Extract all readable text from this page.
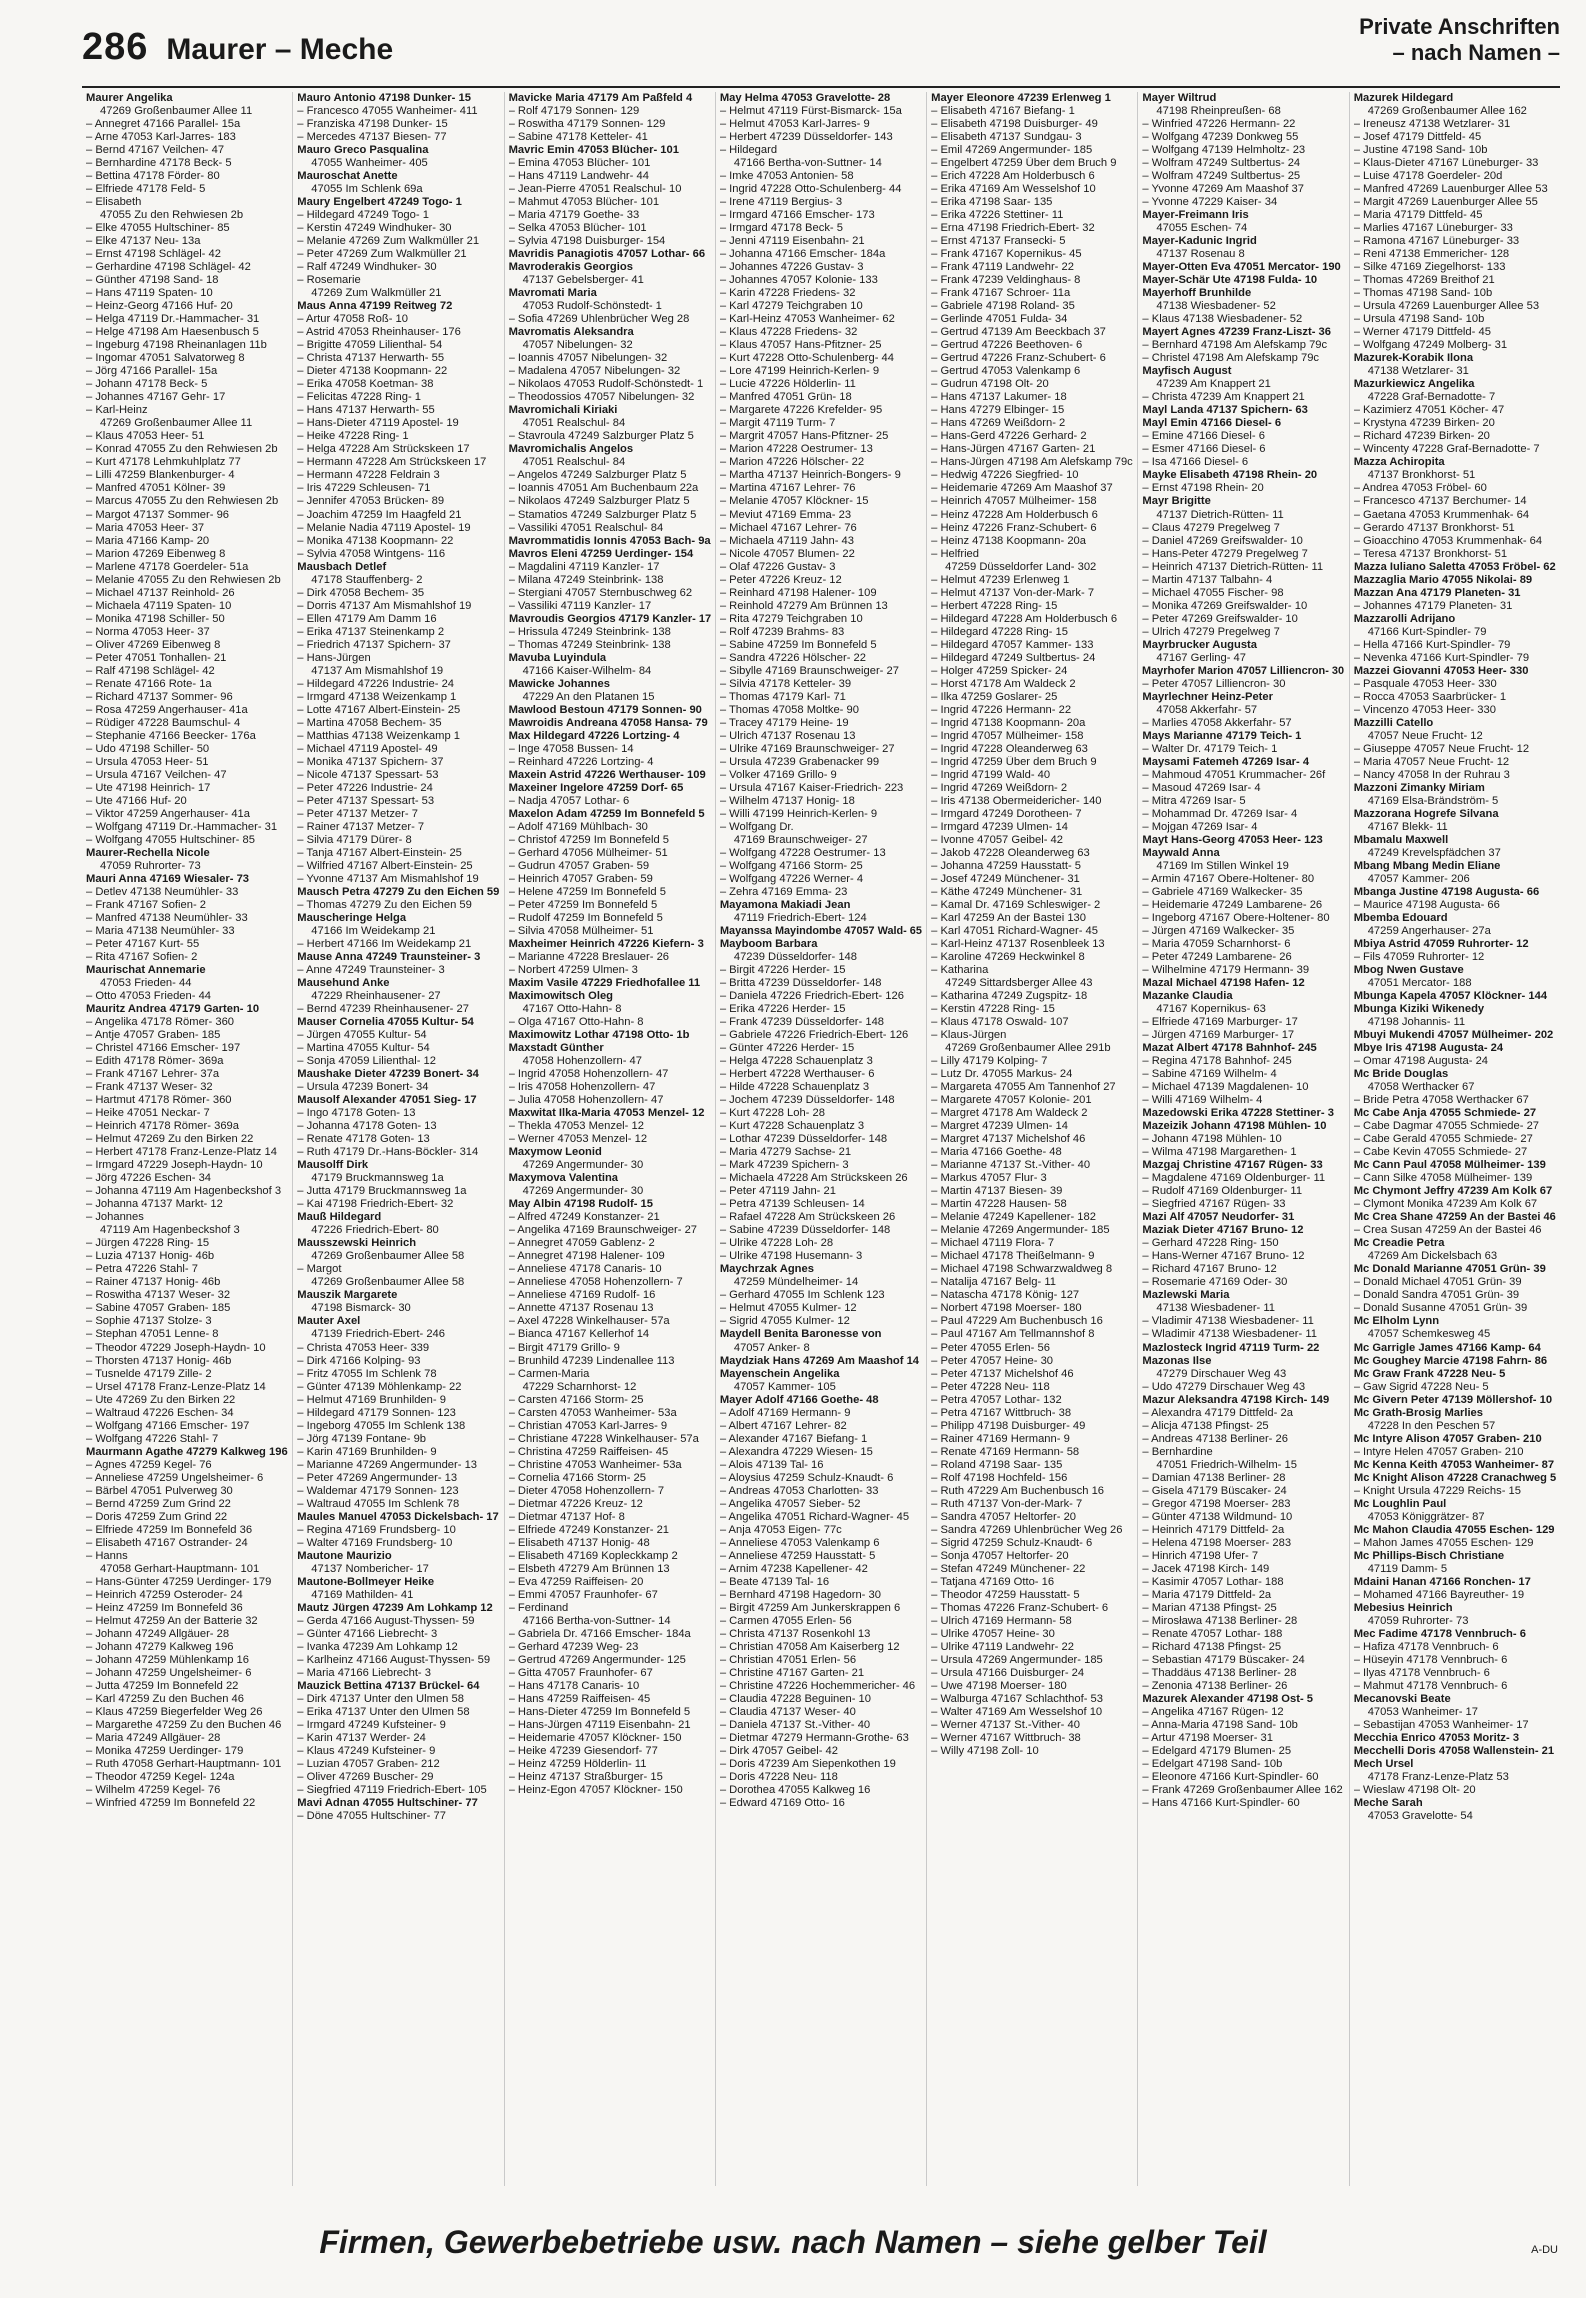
286 Maurer – Meche
Private Anschriften
– nach Namen –
Maurer Angelika
47269 Großenbaumer Allee 11
– Annegret 47166 Parallel- 15a
– Arne 47053 Karl-Jarres- 183
– Bernd 47167 Veilchen- 47
– Bernhardine 47178 Beck- 5
– Bettina 47178 Förder- 80
– Elfriede 47178 Feld- 5
– Elisabeth
47055 Zu den Rehwiesen 2b
– Elke 47055 Hultschiner- 85
– Elke 47137 Neu- 13a
– Ernst 47198 Schlägel- 42
– Gerhardine 47198 Schlägel- 42
– Günther 47198 Sand- 18
– Hans 47119 Spaten- 10
– Heinz-Georg 47166 Huf- 20
– Helga 47119 Dr.-Hammacher- 31
– Helge 47198 Am Haesenbusch 5
– Ingeburg 47198 Rheinanlagen 11b
– Ingomar 47051 Salvatorweg 8
– Jörg 47166 Parallel- 15a
– Johann 47178 Beck- 5
– Johannes 47167 Gehr- 17
– Karl-Heinz
47269 Großenbaumer Allee 11
– Klaus 47053 Heer- 51
– Konrad 47055 Zu den Rehwiesen 2b
– Kurt 47178 Lehmkuhlplatz 77
– Lilli 47259 Blankenburger- 4
– Manfred 47051 Kölner- 39
– Marcus 47055 Zu den Rehwiesen 2b
– Margot 47137 Sommer- 96
– Maria 47053 Heer- 37
– Maria 47166 Kamp- 20
– Marion 47269 Eibenweg 8
– Marlene 47178 Goerdeler- 51a
– Melanie 47055 Zu den Rehwiesen 2b
– Michael 47137 Reinhold- 26
– Michaela 47119 Spaten- 10
– Monika 47198 Schiller- 50
– Norma 47053 Heer- 37
– Oliver 47269 Eibenweg 8
– Peter 47051 Tonhallen- 21
– Ralf 47198 Schlägel- 42
– Renate 47166 Rote- 1a
– Richard 47137 Sommer- 96
– Rosa 47259 Angerhauser- 41a
– Rüdiger 47228 Baumschul- 4
– Stephanie 47166 Beecker- 176a
– Udo 47198 Schiller- 50
– Ursula 47053 Heer- 51
– Ursula 47167 Veilchen- 47
– Ute 47198 Heinrich- 17
– Ute 47166 Huf- 20
– Viktor 47259 Angerhauser- 41a
– Wolfgang 47119 Dr.-Hammacher- 31
– Wolfgang 47055 Hultschiner- 85
Maurer-Rechella Nicole
47059 Ruhrorter- 73
Mauri Anna 47169 Wiesaler- 73
– Detlev 47138 Neumühler- 33
– Frank 47167 Sofien- 2
– Manfred 47138 Neumühler- 33
– Maria 47138 Neumühler- 33
– Peter 47167 Kurt- 55
– Rita 47167 Sofien- 2
Maurischat Annemarie
47053 Frieden- 44
– Otto 47053 Frieden- 44
Mauritz Andrea 47179 Garten- 10
– Angelika 47178 Römer- 360
– Antje 47057 Graben- 185
– Christel 47166 Emscher- 197
– Edith 47178 Römer- 369a
– Frank 47167 Lehrer- 37a
– Frank 47137 Weser- 32
– Hartmut 47178 Römer- 360
– Heike 47051 Neckar- 7
– Heinrich 47178 Römer- 369a
– Helmut 47269 Zu den Birken 22
– Herbert 47178 Franz-Lenze-Platz 14
– Irmgard 47229 Joseph-Haydn- 10
– Jörg 47226 Eschen- 34
– Johanna 47119 Am Hagenbeckshof 3
– Johanna 47137 Markt- 12
– Johannes
47119 Am Hagenbeckshof 3
– Jürgen 47228 Ring- 15
– Luzia 47137 Honig- 46b
– Petra 47226 Stahl- 7
– Rainer 47137 Honig- 46b
– Roswitha 47137 Weser- 32
– Sabine 47057 Graben- 185
– Sophie 47137 Stolze- 3
– Stephan 47051 Lenne- 8
– Theodor 47229 Joseph-Haydn- 10
– Thorsten 47137 Honig- 46b
– Tusnelde 47179 Zille- 2
– Ursel 47178 Franz-Lenze-Platz 14
– Ute 47269 Zu den Birken 22
– Waltraud 47226 Eschen- 34
– Wolfgang 47166 Emscher- 197
– Wolfgang 47226 Stahl- 7
Maurmann Agathe 47279 Kalkweg 196
– Agnes 47259 Kegel- 76
– Anneliese 47259 Ungelsheimer- 6
– Bärbel 47051 Pulverweg 30
– Bernd 47259 Zum Grind 22
– Doris 47259 Zum Grind 22
– Elfriede 47259 Im Bonnefeld 36
– Elisabeth 47167 Ostrander- 24
– Hanns
47058 Gerhart-Hauptmann- 101
– Hans-Günter 47259 Uerdinger- 179
– Heinrich 47259 Osteroder- 24
– Heinz 47259 Im Bonnefeld 36
– Helmut 47259 An der Batterie 32
– Johann 47249 Allgäuer- 28
– Johann 47279 Kalkweg 196
– Johann 47259 Mühlenkamp 16
– Johann 47259 Ungelsheimer- 6
– Jutta 47259 Im Bonnefeld 22
– Karl 47259 Zu den Buchen 46
– Klaus 47259 Biegerfelder Weg 26
– Margarethe 47259 Zu den Buchen 46
– Maria 47249 Allgäuer- 28
– Monika 47259 Uerdinger- 179
– Ruth 47058 Gerhart-Hauptmann- 101
– Theodor 47259 Kegel- 124a
– Wilhelm 47259 Kegel- 76
– Winfried 47259 Im Bonnefeld 22
Mauro Antonio 47198 Dunker- 15
– Francesco 47055 Wanheimer- 411
– Franziska 47198 Dunker- 15
– Mercedes 47137 Biesen- 77
Mauro Greco Pasqualina
47055 Wanheimer- 405
Mauroschat Anette
47055 Im Schlenk 69a
Maury Engelbert 47249 Togo- 1
– Hildegard 47249 Togo- 1
– Kerstin 47249 Windhuker- 30
– Melanie 47269 Zum Walkmüller 21
– Peter 47269 Zum Walkmüller 21
– Ralf 47249 Windhuker- 30
– Rosemarie
47269 Zum Walkmüller 21
Maus Anna 47199 Reitweg 72
– Artur 47058 Roß- 10
– Astrid 47053 Rheinhauser- 176
– Brigitte 47059 Lilienthal- 54
– Christa 47137 Herwarth- 55
– Dieter 47138 Koopmann- 22
– Erika 47058 Koetman- 38
– Felicitas 47228 Ring- 1
– Hans 47137 Herwarth- 55
– Hans-Dieter 47119 Apostel- 19
– Heike 47228 Ring- 1
– Helga 47228 Am Strückskeen 17
– Hermann 47228 Am Strückskeen 17
– Hermann 47228 Feldrain 3
– Iris 47229 Schleusen- 71
– Jennifer 47053 Brücken- 89
– Joachim 47259 Im Haagfeld 21
– Melanie Nadia 47119 Apostel- 19
– Monika 47138 Koopmann- 22
– Sylvia 47058 Wintgens- 116
Mausbach Detlef
47178 Stauffenberg- 2
– Dirk 47058 Bechem- 35
– Dorris 47137 Am Mismahlshof 19
– Ellen 47179 Am Damm 16
– Erika 47137 Steinenkamp 2
– Friedrich 47137 Spichern- 37
– Hans-Jürgen
47137 Am Mismahlshof 19
– Hildegard 47226 Industrie- 24
– Irmgard 47138 Weizenkamp 1
– Lotte 47167 Albert-Einstein- 25
– Martina 47058 Bechem- 35
– Matthias 47138 Weizenkamp 1
– Michael 47119 Apostel- 49
– Monika 47137 Spichern- 37
– Nicole 47137 Spessart- 53
– Peter 47226 Industrie- 24
– Peter 47137 Spessart- 53
– Peter 47137 Metzer- 7
– Rainer 47137 Metzer- 7
– Silvia 47179 Dürer- 8
– Tanja 47167 Albert-Einstein- 25
– Wilfried 47167 Albert-Einstein- 25
– Yvonne 47137 Am Mismahlshof 19
Mausch Petra 47279 Zu den Eichen 59
– Thomas 47279 Zu den Eichen 59
Mauscheringe Helga
47166 Im Weidekamp 21
– Herbert 47166 Im Weidekamp 21
Mause Anna 47249 Traunsteiner- 3
– Anne 47249 Traunsteiner- 3
Mausehund Anke
47229 Rheinhausener- 27
– Bernd 47239 Rheinhausener- 27
Mauser Cornelia 47055 Kultur- 54
– Jürgen 47055 Kultur- 54
– Martina 47055 Kultur- 54
– Sonja 47059 Lilienthal- 12
Maushake Dieter 47239 Bonert- 34
– Ursula 47239 Bonert- 34
Mausolf Alexander 47051 Sieg- 17
– Ingo 47178 Goten- 13
– Johanna 47178 Goten- 13
– Renate 47178 Goten- 13
– Ruth 47179 Dr.-Hans-Böckler- 314
Mausolff Dirk
47179 Bruckmannsweg 1a
– Jutta 47179 Bruckmannsweg 1a
– Kai 47198 Friedrich-Ebert- 32
Mauß Hildegard
47226 Friedrich-Ebert- 80
Mausszewski Heinrich
47269 Großenbaumer Allee 58
– Margot
47269 Großenbaumer Allee 58
Mauszik Margarete
47198 Bismarck- 30
Mauter Axel
47139 Friedrich-Ebert- 246
– Christa 47053 Heer- 339
– Dirk 47166 Kolping- 93
– Fritz 47055 Im Schlenk 78
– Günter 47139 Möhlenkamp- 22
– Helmut 47169 Brunhilden- 9
– Hildegard 47179 Sonnen- 123
– Ingeborg 47055 Im Schlenk 138
– Jörg 47139 Fontane- 9b
– Karin 47169 Brunhilden- 9
– Marianne 47269 Angermunder- 13
– Peter 47269 Angermunder- 13
– Waldemar 47179 Sonnen- 123
– Waltraud 47055 Im Schlenk 78
Maules Manuel 47053 Dickelsbach- 17
– Regina 47169 Frundsberg- 10
– Walter 47169 Frundsberg- 10
Mautone Maurizio
47137 Nombericher- 17
Mautone-Bollmeyer Heike
47169 Mathilden- 41
Mautz Jürgen 47239 Am Lohkamp 12
– Gerda 47166 August-Thyssen- 59
– Günter 47166 Liebrecht- 3
– Ivanka 47239 Am Lohkamp 12
– Karlheinz 47166 August-Thyssen- 59
– Maria 47166 Liebrecht- 3
Mauzick Bettina 47137 Brückel- 64
– Dirk 47137 Unter den Ulmen 58
– Erika 47137 Unter den Ulmen 58
– Irmgard 47249 Kufsteiner- 9
– Karin 47137 Werder- 24
– Klaus 47249 Kufsteiner- 9
– Luzian 47057 Graben- 212
– Oliver 47269 Buscher- 29
– Siegfried 47119 Friedrich-Ebert- 105
Mavi Adnan 47055 Hultschiner- 77
– Döne 47055 Hultschiner- 77
Mavicke Maria 47179 Am Paßfeld 4
– Rolf 47179 Sonnen- 129
– Roswitha 47179 Sonnen- 129
– Sabine 47178 Ketteler- 41
Mavric Emin 47053 Blücher- 101
– Emina 47053 Blücher- 101
– Hans 47119 Landwehr- 44
– Jean-Pierre 47051 Realschul- 10
– Mahmut 47053 Blücher- 101
– Maria 47179 Goethe- 33
– Selka 47053 Blücher- 101
– Sylvia 47198 Duisburger- 154
Mavridis Panagiotis 47057 Lothar- 66
Mavroderakis Georgios
47137 Gebelsberger- 41
Mavromati Maria
47053 Rudolf-Schönstedt- 1
– Sofia 47269 Uhlenbrücher Weg 28
Mavromatis Aleksandra
47057 Nibelungen- 32
– Ioannis 47057 Nibelungen- 32
– Madalena 47057 Nibelungen- 32
– Nikolaos 47053 Rudolf-Schönstedt- 1
– Theodossios 47057 Nibelungen- 32
Mavromichali Kiriaki
47051 Realschul- 84
– Stavroula 47249 Salzburger Platz 5
Mavromichalis Angelos
47051 Realschul- 84
– Angelos 47249 Salzburger Platz 5
– Ioannis 47051 Am Buchenbaum 22a
– Nikolaos 47249 Salzburger Platz 5
– Stamatios 47249 Salzburger Platz 5
– Vassiliki 47051 Realschul- 84
Mavrommatidis Ionnis 47053 Bach- 9a
Mavros Eleni 47259 Uerdinger- 154
– Magdalini 47119 Kanzler- 17
– Milana 47249 Steinbrink- 138
– Stergiani 47057 Sternbuschweg 62
– Vassiliki 47119 Kanzler- 17
Mavroudis Georgios 47179 Kanzler- 17
– Hrissula 47249 Steinbrink- 138
– Thomas 47249 Steinbrink- 138
Mavuba Luyindula
47166 Kaiser-Wilhelm- 84
Mawicke Johannes
47229 An den Platanen 15
Mawlood Bestoun 47179 Sonnen- 90
Mawroidis Andreana 47058 Hansa- 79
Max Hildegard 47226 Lortzing- 4
– Inge 47058 Bussen- 14
– Reinhard 47226 Lortzing- 4
Maxein Astrid 47226 Werthauser- 109
Maxeiner Ingelore 47259 Dorf- 65
– Nadja 47057 Lothar- 6
Maxelon Adam 47259 Im Bonnefeld 5
– Adolf 47169 Mühlbach- 30
– Christof 47259 Im Bonnefeld 5
– Gerhard 47056 Mülheimer- 51
– Gudrun 47057 Graben- 59
– Heinrich 47057 Graben- 59
– Helene 47259 Im Bonnefeld 5
– Peter 47259 Im Bonnefeld 5
– Rudolf 47259 Im Bonnefeld 5
– Silvia 47058 Mülheimer- 51
Maxheimer Heinrich 47226 Kiefern- 3
– Marianne 47228 Breslauer- 26
– Norbert 47259 Ulmen- 3
Maxim Vasile 47229 Friedhofallee 11
Maximowitsch Oleg
47167 Otto-Hahn- 8
– Olga 47167 Otto-Hahn- 8
Maximowitz Lothar 47198 Otto- 1b
Maxstadt Günther
47058 Hohenzollern- 47
– Ingrid 47058 Hohenzollern- 47
– Iris 47058 Hohenzollern- 47
– Julia 47058 Hohenzollern- 47
Maxwitat Ilka-Maria 47053 Menzel- 12
– Thekla 47053 Menzel- 12
– Werner 47053 Menzel- 12
Maxymow Leonid
47269 Angermunder- 30
Maxymova Valentina
47269 Angermunder- 30
May Albin 47198 Rudolf- 15
– Alfred 47249 Konstanzer- 21
– Angelika 47169 Braunschweiger- 27
– Annegret 47059 Gablenz- 2
– Annegret 47198 Halener- 109
– Anneliese 47178 Canaris- 10
– Anneliese 47058 Hohenzollern- 7
– Anneliese 47169 Rudolf- 16
– Annette 47137 Rosenau 13
– Axel 47228 Winkelhauser- 57a
– Bianca 47167 Kellerhof 14
– Birgit 47179 Grillo- 9
– Brunhild 47239 Lindenallee 113
– Carmen-Maria
47229 Scharnhorst- 12
– Carsten 47166 Storm- 25
– Carsten 47053 Wanheimer- 53a
– Christian 47053 Karl-Jarres- 9
– Christiane 47228 Winkelhauser- 57a
– Christina 47259 Raiffeisen- 45
– Christine 47053 Wanheimer- 53a
– Cornelia 47166 Storm- 25
– Dieter 47058 Hohenzollern- 7
– Dietmar 47226 Kreuz- 12
– Dietmar 47137 Hof- 8
– Elfriede 47249 Konstanzer- 21
– Elisabeth 47137 Honig- 48
– Elisabeth 47169 Kopleckkamp 2
– Elsbeth 47279 Am Brünnen 13
– Eva 47259 Raiffeisen- 20
– Emmi 47057 Fraunhofer- 67
– Ferdinand
47166 Bertha-von-Suttner- 14
– Gabriela Dr. 47166 Emscher- 184a
– Gerhard 47239 Weg- 23
– Gertrud 47269 Angermunder- 125
– Gitta 47057 Fraunhofer- 67
– Hans 47178 Canaris- 10
– Hans 47259 Raiffeisen- 45
– Hans-Dieter 47259 Im Bonnefeld 5
– Hans-Jürgen 47119 Eisenbahn- 21
– Heidemarie 47057 Klöckner- 150
– Heike 47239 Giesendorf- 77
– Heinz 47259 Hölderlin- 11
– Heinz 47137 Straßburger- 15
– Heinz-Egon 47057 Klöckner- 150
May Helma 47053 Gravelotte- 28
– Helmut 47119 Fürst-Bismarck- 15a
– Helmut 47053 Karl-Jarres- 9
– Herbert 47239 Düsseldorfer- 143
– Hildegard
47166 Bertha-von-Suttner- 14
– Imke 47053 Antonien- 58
– Ingrid 47228 Otto-Schulenberg- 44
– Irene 47119 Bergius- 3
– Irmgard 47166 Emscher- 173
– Irmgard 47178 Beck- 5
– Jenni 47119 Eisenbahn- 21
– Johanna 47166 Emscher- 184a
– Johannes 47226 Gustav- 3
– Johannes 47057 Kolonie- 133
– Karin 47228 Friedens- 32
– Karl 47279 Teichgraben 10
– Karl-Heinz 47053 Wanheimer- 62
– Klaus 47228 Friedens- 32
– Klaus 47057 Hans-Pfitzner- 25
– Kurt 47228 Otto-Schulenberg- 44
– Lore 47199 Heinrich-Kerlen- 9
– Lucie 47226 Hölderlin- 11
– Manfred 47051 Grün- 18
– Margarete 47226 Krefelder- 95
– Margit 47119 Turm- 7
– Margrit 47057 Hans-Pfitzner- 25
– Marion 47228 Oestrumer- 13
– Marion 47226 Hölscher- 22
– Martha 47137 Heinrich-Bongers- 9
– Martina 47167 Lehrer- 76
– Melanie 47057 Klöckner- 15
– Meviut 47169 Emma- 23
– Michael 47167 Lehrer- 76
– Michaela 47119 Jahn- 43
– Nicole 47057 Blumen- 22
– Olaf 47226 Gustav- 3
– Peter 47226 Kreuz- 12
– Reinhard 47198 Halener- 109
– Reinhold 47279 Am Brünnen 13
– Rita 47279 Teichgraben 10
– Rolf 47239 Brahms- 83
– Sabine 47259 Im Bonnefeld 5
– Sandra 47226 Hölscher- 22
– Sibylle 47169 Braunschweiger- 27
– Silvia 47178 Ketteler- 39
– Thomas 47179 Karl- 71
– Thomas 47058 Moltke- 90
– Tracey 47179 Heine- 19
– Ulrich 47137 Rosenau 13
– Ulrike 47169 Braunschweiger- 27
– Ursula 47239 Grabenacker 99
– Volker 47169 Grillo- 9
– Ursula 47167 Kaiser-Friedrich- 223
– Wilhelm 47137 Honig- 18
– Willi 47199 Heinrich-Kerlen- 9
– Wolfgang Dr.
47169 Braunschweiger- 27
– Wolfgang 47228 Oestrumer- 13
– Wolfgang 47166 Storm- 25
– Wolfgang 47226 Werner- 4
– Zehra 47169 Emma- 23
Mayamona Makiadi Jean
47119 Friedrich-Ebert- 124
Mayanssa Mayindombe 47057 Wald- 65
Mayboom Barbara
47239 Düsseldorfer- 148
– Birgit 47226 Herder- 15
– Britta 47239 Düsseldorfer- 148
– Daniela 47226 Friedrich-Ebert- 126
– Erika 47226 Herder- 15
– Frank 47239 Düsseldorfer- 148
– Gabriele 47226 Friedrich-Ebert- 126
– Günter 47226 Herder- 15
– Helga 47228 Schauenplatz 3
– Herbert 47228 Werthauser- 6
– Hilde 47228 Schauenplatz 3
– Jochem 47239 Düsseldorfer- 148
– Kurt 47228 Loh- 28
– Kurt 47228 Schauenplatz 3
– Lothar 47239 Düsseldorfer- 148
– Maria 47279 Sachse- 21
– Mark 47239 Spichern- 3
– Michaela 47228 Am Strückskeen 26
– Peter 47119 Jahn- 21
– Petra 47139 Schleusen- 14
– Rafael 47228 Am Strückskeen 26
– Sabine 47239 Düsseldorfer- 148
– Ulrike 47228 Loh- 28
– Ulrike 47198 Husemann- 3
Maychrzak Agnes
47259 Mündelheimer- 14
– Gerhard 47055 Im Schlenk 123
– Helmut 47055 Kulmer- 12
– Sigrid 47055 Kulmer- 12
Maydell Benita Baronesse von
47057 Anker- 8
Maydziak Hans 47269 Am Maashof 14
Mayenschein Angelika
47057 Kammer- 105
Mayer Adolf 47166 Goethe- 48
– Adolf 47169 Hermann- 9
– Albert 47167 Lehrer- 82
– Alexander 47167 Biefang- 1
– Alexandra 47229 Wiesen- 15
– Alois 47139 Tal- 16
– Aloysius 47259 Schulz-Knaudt- 6
– Andreas 47053 Charlotten- 33
– Angelika 47057 Sieber- 52
– Angelika 47051 Richard-Wagner- 45
– Anja 47053 Eigen- 77c
– Anneliese 47053 Valenkamp 6
– Anneliese 47259 Hausstatt- 5
– Arnim 47238 Kapellener- 42
– Beate 47139 Tal- 16
– Bernhard 47198 Hagedorn- 30
– Birgit 47259 Am Junkerskrappen 6
– Carmen 47055 Erlen- 56
– Christa 47137 Rosenkohl 13
– Christian 47058 Am Kaiserberg 12
– Christian 47051 Erlen- 56
– Christine 47167 Garten- 21
– Christine 47226 Hochemmericher- 46
– Claudia 47228 Beguinen- 10
– Claudia 47137 Weser- 40
– Daniela 47137 St.-Vither- 40
– Dietmar 47279 Hermann-Grothe- 63
– Dirk 47057 Geibel- 42
– Doris 47239 Am Siepenkothen 19
– Doris 47228 Neu- 118
– Dorothea 47055 Kalkweg 16
– Edward 47169 Otto- 16
Mayer Eleonore 47239 Erlenweg 1
– Elisabeth 47167 Biefang- 1
– Elisabeth 47198 Duisburger- 49
– Elisabeth 47137 Sundgau- 3
– Emil 47269 Angermunder- 185
– Engelbert 47259 Über dem Bruch 9
– Erich 47228 Am Holderbusch 6
– Erika 47169 Am Wesselshof 10
– Erika 47198 Saar- 135
– Erika 47226 Stettiner- 11
– Erna 47198 Friedrich-Ebert- 32
– Ernst 47137 Fransecki- 5
– Frank 47167 Kopernikus- 45
– Frank 47119 Landwehr- 22
– Frank 47239 Veldinghaus- 8
– Frank 47167 Schroer- 11a
– Gabriele 47198 Roland- 35
– Gerlinde 47051 Fulda- 34
– Gertrud 47139 Am Beeckbach 37
– Gertrud 47226 Beethoven- 6
– Gertrud 47226 Franz-Schubert- 6
– Gertrud 47053 Valenkamp 6
– Gudrun 47198 Olt- 20
– Hans 47137 Lakumer- 18
– Hans 47279 Elbinger- 15
– Hans 47269 Weißdorn- 2
– Hans-Gerd 47226 Gerhard- 2
– Hans-Jürgen 47167 Garten- 21
– Hans-Jürgen 47198 Am Alefskamp 79c
– Hedwig 47226 Siegfried- 10
– Heidemarie 47269 Am Maashof 37
– Heinrich 47057 Mülheimer- 158
– Heinz 47228 Am Holderbusch 6
– Heinz 47226 Franz-Schubert- 6
– Heinz 47138 Koopmann- 20a
– Helfried
47259 Düsseldorfer Land- 302
– Helmut 47239 Erlenweg 1
– Helmut 47137 Von-der-Mark- 7
– Herbert 47228 Ring- 15
– Hildegard 47228 Am Holderbusch 6
– Hildegard 47228 Ring- 15
– Hildegard 47057 Kammer- 133
– Hildegard 47249 Sultbertus- 24
– Holger 47259 Spicker- 24
– Horst 47178 Am Waldeck 2
– Ilka 47259 Goslarer- 25
– Ingrid 47226 Hermann- 22
– Ingrid 47138 Koopmann- 20a
– Ingrid 47057 Mülheimer- 158
– Ingrid 47228 Oleanderweg 63
– Ingrid 47259 Über dem Bruch 9
– Ingrid 47199 Wald- 40
– Ingrid 47269 Weißdorn- 2
– Iris 47138 Obermeidericher- 140
– Irmgard 47249 Dorotheen- 7
– Irmgard 47239 Ulmen- 14
– Ivonne 47057 Geibel- 42
– Jakob 47228 Oleanderweg 63
– Johanna 47259 Hausstatt- 5
– Josef 47249 Münchener- 31
– Käthe 47249 Münchener- 31
– Kamal Dr. 47169 Schleswiger- 2
– Karl 47259 An der Bastei 130
– Karl 47051 Richard-Wagner- 45
– Karl-Heinz 47137 Rosenbleek 13
– Karoline 47269 Heckwinkel 8
– Katharina
47249 Sittardsberger Allee 43
– Katharina 47249 Zugspitz- 18
– Kerstin 47228 Ring- 15
– Klaus 47178 Oswald- 107
– Klaus-Jürgen
47269 Großenbaumer Allee 291b
– Lilly 47179 Kolping- 7
– Lutz Dr. 47055 Markus- 24
– Margareta 47055 Am Tannenhof 27
– Margarete 47057 Kolonie- 201
– Margret 47178 Am Waldeck 2
– Margret 47239 Ulmen- 14
– Margret 47137 Michelshof 46
– Maria 47166 Goethe- 48
– Marianne 47137 St.-Vither- 40
– Markus 47057 Flur- 3
– Martin 47137 Biesen- 39
– Martin 47228 Hausen- 58
– Melanie 47249 Kapellener- 182
– Melanie 47269 Angermunder- 185
– Michael 47119 Flora- 7
– Michael 47178 Theißelmann- 9
– Michael 47198 Schwarzwaldweg 8
– Natalija 47167 Belg- 11
– Natascha 47178 König- 127
– Norbert 47198 Moerser- 180
– Paul 47229 Am Buchenbusch 16
– Paul 47167 Am Tellmannshof 8
– Peter 47055 Erlen- 56
– Peter 47057 Heine- 30
– Peter 47137 Michelshof 46
– Peter 47228 Neu- 118
– Petra 47057 Lothar- 132
– Petra 47167 Wittbruch- 38
– Philipp 47198 Duisburger- 49
– Rainer 47169 Hermann- 9
– Renate 47169 Hermann- 58
– Roland 47198 Saar- 135
– Rolf 47198 Hochfeld- 156
– Ruth 47229 Am Buchenbusch 16
– Ruth 47137 Von-der-Mark- 7
– Sandra 47057 Heltorfer- 20
– Sandra 47269 Uhlenbrücher Weg 26
– Sigrid 47259 Schulz-Knaudt- 6
– Sonja 47057 Heltorfer- 20
– Stefan 47249 Münchener- 22
– Tatjana 47169 Otto- 16
– Theodor 47259 Hausstatt- 5
– Thomas 47226 Franz-Schubert- 6
– Ulrich 47169 Hermann- 58
– Ulrike 47057 Heine- 30
– Ulrike 47119 Landwehr- 22
– Ursula 47269 Angermunder- 185
– Ursula 47166 Duisburger- 24
– Uwe 47198 Moerser- 180
– Walburga 47167 Schlachthof- 53
– Walter 47169 Am Wesselshof 10
– Werner 47137 St.-Vither- 40
– Werner 47167 Wittbruch- 38
– Willy 47198 Zoll- 10
Mayer Wiltrud
47198 Rheinpreußen- 68
– Winfried 47226 Hermann- 22
– Wolfgang 47239 Donkweg 55
– Wolfgang 47139 Helmholtz- 23
– Wolfram 47249 Sultbertus- 24
– Wolfram 47249 Sultbertus- 25
– Yvonne 47269 Am Maashof 37
– Yvonne 47229 Kaiser- 34
Mayer-Freimann Iris
47055 Eschen- 74
Mayer-Kadunic Ingrid
47137 Rosenau 8
Mayer-Otten Eva 47051 Mercator- 190
Mayer-Schär Ute 47198 Fulda- 10
Mayerhoff Brunhilde
47138 Wiesbadener- 52
– Klaus 47138 Wiesbadener- 52
Mayert Agnes 47239 Franz-Liszt- 36
– Bernhard 47198 Am Alefskamp 79c
– Christel 47198 Am Alefskamp 79c
Mayfisch August
47239 Am Knappert 21
– Christa 47239 Am Knappert 21
Mayl Landa 47137 Spichern- 63
Mayl Emin 47166 Diesel- 6
– Emine 47166 Diesel- 6
– Esmer 47166 Diesel- 6
– Isa 47166 Diesel- 6
Mayke Elisabeth 47198 Rhein- 20
– Ernst 47198 Rhein- 20
Mayr Brigitte
47137 Dietrich-Rütten- 11
– Claus 47279 Pregelweg 7
– Daniel 47269 Greifswalder- 10
– Hans-Peter 47279 Pregelweg 7
– Heinrich 47137 Dietrich-Rütten- 11
– Martin 47137 Talbahn- 4
– Michael 47055 Fischer- 98
– Monika 47269 Greifswalder- 10
– Peter 47269 Greifswalder- 10
– Ulrich 47279 Pregelweg 7
Mayrbrucker Augusta
47167 Gerling- 47
Mayrhofer Marion 47057 Lilliencron- 30
– Peter 47057 Lilliencron- 30
Mayrlechner Heinz-Peter
47058 Akkerfahr- 57
– Marlies 47058 Akkerfahr- 57
Mays Marianne 47179 Teich- 1
– Walter Dr. 47179 Teich- 1
Maysami Fatemeh 47269 Isar- 4
– Mahmoud 47051 Krummacher- 26f
– Masoud 47269 Isar- 4
– Mitra 47269 Isar- 5
– Mohammad Dr. 47269 Isar- 4
– Mojgan 47269 Isar- 4
Mayt Hans-Georg 47053 Heer- 123
Maywald Anna
47169 Im Stillen Winkel 19
– Armin 47167 Obere-Holtener- 80
– Gabriele 47169 Walkecker- 35
– Heidemarie 47249 Lambarene- 26
– Ingeborg 47167 Obere-Holtener- 80
– Jürgen 47169 Walkecker- 35
– Maria 47059 Scharnhorst- 6
– Peter 47249 Lambarene- 26
– Wilhelmine 47179 Hermann- 39
Mazal Michael 47198 Hafen- 12
Mazanke Claudia
47167 Kopernikus- 63
– Elfriede 47169 Marburger- 17
– Jürgen 47169 Marburger- 17
Mazat Albert 47178 Bahnhof- 245
– Regina 47178 Bahnhof- 245
– Sabine 47169 Wilhelm- 4
– Michael 47139 Magdalenen- 10
– Willi 47169 Wilhelm- 4
Mazedowski Erika 47228 Stettiner- 3
Mazeizik Johann 47198 Mühlen- 10
– Johann 47198 Mühlen- 10
– Wilma 47198 Margarethen- 1
Mazgaj Christine 47167 Rügen- 33
– Magdalene 47169 Oldenburger- 11
– Rudolf 47169 Oldenburger- 11
– Siegfried 47167 Rügen- 33
Mazi Alf 47057 Neudorfer- 31
Maziak Dieter 47167 Bruno- 12
– Gerhard 47228 Ring- 150
– Hans-Werner 47167 Bruno- 12
– Richard 47167 Bruno- 12
– Rosemarie 47169 Oder- 30
Mazlewski Maria
47138 Wiesbadener- 11
– Vladimir 47138 Wiesbadener- 11
– Wladimir 47138 Wiesbadener- 11
Mazlosteck Ingrid 47119 Turm- 22
Mazonas Ilse
47279 Dirschauer Weg 43
– Udo 47279 Dirschauer Weg 43
Mazur Aleksandra 47198 Kirch- 149
– Alexandra 47179 Dittfeld- 2a
– Alicja 47138 Pfingst- 25
– Andreas 47138 Berliner- 26
– Bernhardine
47051 Friedrich-Wilhelm- 15
– Damian 47138 Berliner- 28
– Gisela 47179 Büscaker- 24
– Gregor 47198 Moerser- 283
– Günter 47138 Wildmund- 10
– Heinrich 47179 Dittfeld- 2a
– Helena 47198 Moerser- 283
– Hinrich 47198 Ufer- 7
– Jacek 47198 Kirch- 149
– Kasimir 47057 Lothar- 188
– Maria 47179 Dittfeld- 2a
– Marian 47138 Pfingst- 25
– Mirosława 47138 Berliner- 28
– Renate 47057 Lothar- 188
– Richard 47138 Pfingst- 25
– Sebastian 47179 Büscaker- 24
– Thaddäus 47138 Berliner- 28
– Zenonia 47138 Berliner- 26
Mazurek Alexander 47198 Ost- 5
– Angelika 47167 Rügen- 12
– Anna-Maria 47198 Sand- 10b
– Artur 47198 Moerser- 31
– Edelgard 47179 Blumen- 25
– Edelgart 47198 Sand- 10b
– Eleonore 47166 Kurt-Spindler- 60
– Frank 47269 Großenbaumer Allee 162
– Hans 47166 Kurt-Spindler- 60
Mazurek Hildegard
47269 Großenbaumer Allee 162
– Ireneusz 47138 Wetzlarer- 31
– Josef 47179 Dittfeld- 45
– Justine 47198 Sand- 10b
– Klaus-Dieter 47167 Lüneburger- 33
– Luise 47178 Goerdeler- 20d
– Manfred 47269 Lauenburger Allee 53
– Margit 47269 Lauenburger Allee 55
– Maria 47179 Dittfeld- 45
– Marlies 47167 Lüneburger- 33
– Ramona 47167 Lüneburger- 33
– Reni 47138 Emmericher- 128
– Silke 47169 Ziegelhorst- 133
– Thomas 47269 Breithof 21
– Thomas 47198 Sand- 10b
– Ursula 47269 Lauenburger Allee 53
– Ursula 47198 Sand- 10b
– Werner 47179 Dittfeld- 45
– Wolfgang 47249 Molberg- 31
Mazurek-Korabik Ilona
47138 Wetzlarer- 31
Mazurkiewicz Angelika
47228 Graf-Bernadotte- 7
– Kazimierz 47051 Köcher- 47
– Krystyna 47239 Birken- 20
– Richard 47239 Birken- 20
– Wincenty 47228 Graf-Bernadotte- 7
Mazza Achiropita
47137 Bronkhorst- 51
– Andrea 47053 Fröbel- 60
– Francesco 47137 Berchumer- 14
– Gaetana 47053 Krummenhak- 64
– Gerardo 47137 Bronkhorst- 51
– Gioacchino 47053 Krummenhak- 64
– Teresa 47137 Bronkhorst- 51
Mazza Iuliano Saletta 47053 Fröbel- 62
Mazzaglia Mario 47055 Nikolai- 89
Mazzan Ana 47179 Planeten- 31
– Johannes 47179 Planeten- 31
Mazzarolli Adrijano
47166 Kurt-Spindler- 79
– Hella 47166 Kurt-Spindler- 79
– Nevenka 47166 Kurt-Spindler- 79
Mazzei Giovanni 47053 Heer- 330
– Pasquale 47053 Heer- 330
– Rocca 47053 Saarbrücker- 1
– Vincenzo 47053 Heer- 330
Mazzilli Catello
47057 Neue Frucht- 12
– Giuseppe 47057 Neue Frucht- 12
– Maria 47057 Neue Frucht- 12
– Nancy 47058 In der Ruhrau 3
Mazzoni Zimanky Miriam
47169 Elsa-Brändström- 5
Mazzorana Hogrefe Silvana
47167 Blekk- 11
Mbamalu Maxwell
47249 Krevelspfädchen 37
Mbang Mbang Medin Eliane
47057 Kammer- 206
Mbanga Justine 47198 Augusta- 66
– Maurice 47198 Augusta- 66
Mbemba Edouard
47259 Angerhauser- 27a
Mbiya Astrid 47059 Ruhrorter- 12
– Fils 47059 Ruhrorter- 12
Mbog Nwen Gustave
47051 Mercator- 188
Mbunga Kapela 47057 Klöckner- 144
Mbunga Kiziki Wikenedy
47198 Johannis- 11
Mbuyi Mukendi 47057 Mülheimer- 202
Mbye Iris 47198 Augusta- 24
– Omar 47198 Augusta- 24
Mc Bride Douglas
47058 Werthacker 67
– Bride Petra 47058 Werthacker 67
Mc Cabe Anja 47055 Schmiede- 27
– Cabe Dagmar 47055 Schmiede- 27
– Cabe Gerald 47055 Schmiede- 27
– Cabe Kevin 47055 Schmiede- 27
Mc Cann Paul 47058 Mülheimer- 139
– Cann Silke 47058 Mülheimer- 139
Mc Chymont Jeffry 47239 Am Kolk 67
– Clymont Monika 47239 Am Kolk 67
Mc Crea Shane 47259 An der Bastei 46
– Crea Susan 47259 An der Bastei 46
Mc Creadie Petra
47269 Am Dickelsbach 63
Mc Donald Marianne 47051 Grün- 39
– Donald Michael 47051 Grün- 39
– Donald Sandra 47051 Grün- 39
– Donald Susanne 47051 Grün- 39
Mc Elholm Lynn
47057 Schemkesweg 45
Mc Garrigle James 47166 Kamp- 64
Mc Goughey Marcie 47198 Fahrn- 86
Mc Graw Frank 47228 Neu- 5
– Gaw Sigrid 47228 Neu- 5
Mc Givern Peter 47139 Möllershof- 10
Mc Grath-Brosig Marlies
47228 In den Peschen 57
Mc Intyre Alison 47057 Graben- 210
– Intyre Helen 47057 Graben- 210
Mc Kenna Keith 47053 Wanheimer- 87
Mc Knight Alison 47228 Cranachweg 5
– Knight Ursula 47229 Reichs- 15
Mc Loughlin Paul
47053 Königgrätzer- 87
Mc Mahon Claudia 47055 Eschen- 129
– Mahon James 47055 Eschen- 129
Mc Phillips-Bisch Christiane
47119 Damm- 5
Mdaini Hanan 47166 Ronchen- 17
– Mohamed 47166 Bayreuther- 19
Mebesius Heinrich
47059 Ruhrorter- 73
Mec Fadime 47178 Vennbruch- 6
– Hafiza 47178 Vennbruch- 6
– Hüseyin 47178 Vennbruch- 6
– Ilyas 47178 Vennbruch- 6
– Mahmut 47178 Vennbruch- 6
Mecanovski Beate
47053 Wanheimer- 17
– Sebastijan 47053 Wanheimer- 17
Mecchia Enrico 47053 Moritz- 3
Mecchelli Doris 47058 Wallenstein- 21
Mech Ursel
47178 Franz-Lenze-Platz 53
– Wieslaw 47198 Olt- 20
Meche Sarah
47053 Gravelotte- 54
Firmen, Gewerbebetriebe usw. nach Namen – siehe gelber Teil	A-DU
